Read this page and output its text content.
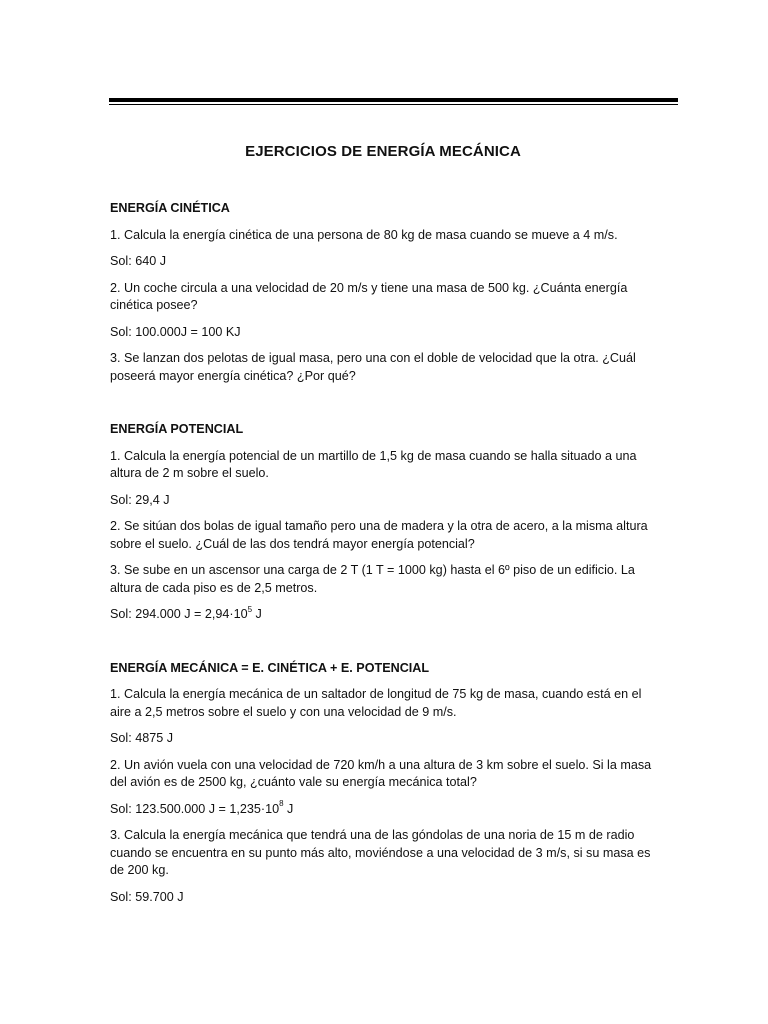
EJERCICIOS DE ENERGÍA MECÁNICA

ENERGÍA CINÉTICA

1. Calcula la energía cinética de una persona de 80 kg de masa cuando se mueve a 4 m/s.

Sol: 640 J

2. Un coche circula a una velocidad de 20 m/s y tiene una masa de 500 kg. ¿Cuánta energía cinética posee?

Sol: 100.000J = 100 KJ

3. Se lanzan dos pelotas de igual masa, pero una con el doble de velocidad que la otra. ¿Cuál poseerá mayor energía cinética? ¿Por qué?

ENERGÍA POTENCIAL

1. Calcula la energía potencial de un martillo de 1,5 kg de masa cuando se halla situado a una altura de 2 m sobre el suelo.

Sol: 29,4 J

2. Se sitúan dos bolas de igual tamaño pero una de madera y la otra de acero, a la misma altura sobre el suelo. ¿Cuál de las dos tendrá mayor energía potencial?

3. Se sube en un ascensor una carga de 2 T (1 T = 1000 kg) hasta el 6º piso de un edificio. La altura de cada piso es de 2,5 metros.

Sol: 294.000 $J = 2,94\cdot 10^5$ J

ENERGÍA MECÁNICA = E. CINÉTICA + E. POTENCIAL

1. Calcula la energía mecánica de un saltador de longitud de 75 kg de masa, cuando está en el aire a 2,5 metros sobre el suelo y con una velocidad de 9 m/s.

Sol: 4875 J

2. Un avión vuela con una velocidad de 720 km/h a una altura de 3 km sobre el suelo. Si la masa del avión es de 2500 kg, ¿cuánto vale su energía mecánica total?

Sol: 123.500.000 $J = 1,235\cdot 10^8$ J

3. Calcula la energía mecánica que tendrá una de las góndolas de una noria de 15 m de radio cuando se encuentra en su punto más alto, moviéndose a una velocidad de 3 m/s, si su masa es de 200 kg.

Sol: 59.700 J
